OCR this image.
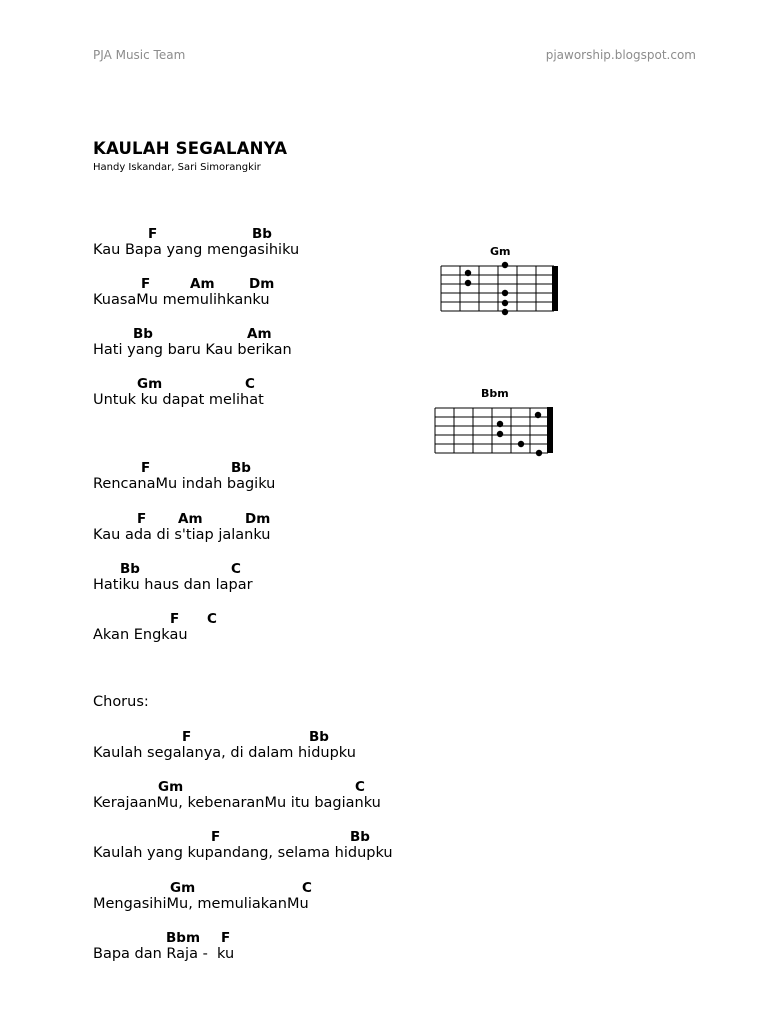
PJA Music Team	pjaworship.blogspot.com
KAULAH SEGALANYA
Handy Iskandar, Sari Simorangkir
F	Bb
Kau Bapa yang mengasihiku
F	Am	Dm
KuasaMu memulihkanku
Bb	Am
Hati yang baru Kau berikan
Gm	C
Untuk ku dapat melihat
F	Bb
RencanaMu indah bagiku
F Am	Dm
Kau ada di s'tiap jalanku
Bb	C
Hatiku haus dan lapar
F C
Akan Engkau
Chorus:
F	Bb
Kaulah segalanya, di dalam hidupku
Gm	C
KerajaanMu, kebenaranMu itu bagianku
F	Bb
Kaulah yang kupandang, selama hidupku
Gm	C
MengasihiMu, memuliakanMu
Bbm F
Bapa dan Raja -  ku
Gm
Bbm
